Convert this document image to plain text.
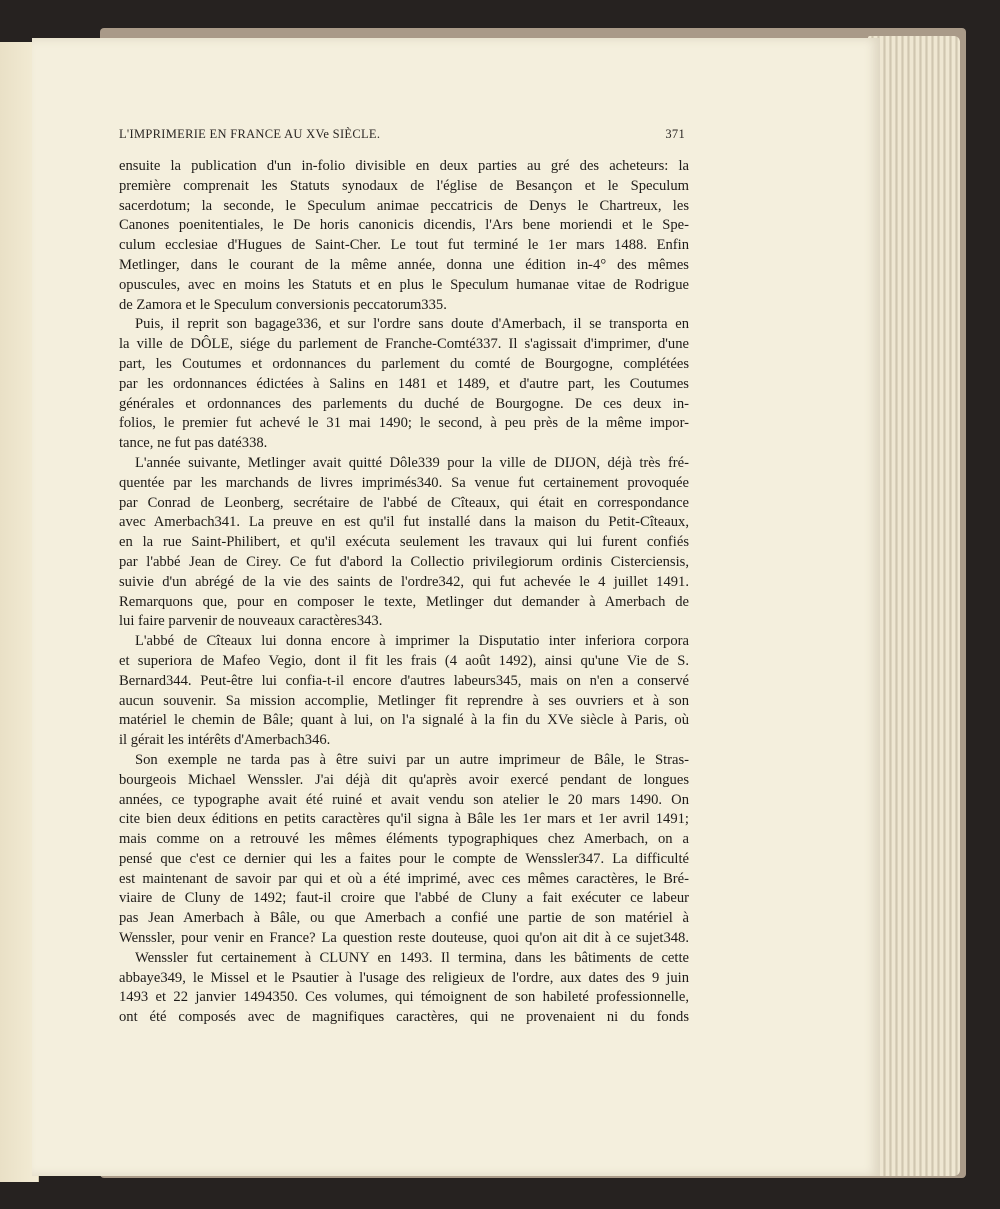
L'IMPRIMERIE EN FRANCE AU XVe SIÈCLE.	371
ensuite la publication d'un in-folio divisible en deux parties au gré des acheteurs: la
première comprenait les Statuts synodaux de l'église de Besançon et le Speculum
sacerdotum; la seconde, le Speculum animae peccatricis de Denys le Chartreux, les
Canones poenitentiales, le De horis canonicis dicendis, l'Ars bene moriendi et le Spe-
culum ecclesiae d'Hugues de Saint-Cher. Le tout fut terminé le 1er mars 1488. Enfin
Metlinger, dans le courant de la même année, donna une édition in-4° des mêmes
opuscules, avec en moins les Statuts et en plus le Speculum humanae vitae de Rodrigue
de Zamora et le Speculum conversionis peccatorum335.
Puis, il reprit son bagage336, et sur l'ordre sans doute d'Amerbach, il se transporta en
la ville de DÔLE, siége du parlement de Franche-Comté337. Il s'agissait d'imprimer, d'une
part, les Coutumes et ordonnances du parlement du comté de Bourgogne, complétées
par les ordonnances édictées à Salins en 1481 et 1489, et d'autre part, les Coutumes
générales et ordonnances des parlements du duché de Bourgogne. De ces deux in-
folios, le premier fut achevé le 31 mai 1490; le second, à peu près de la même impor-
tance, ne fut pas daté338.
L'année suivante, Metlinger avait quitté Dôle339 pour la ville de DIJON, déjà très fré-
quentée par les marchands de livres imprimés340. Sa venue fut certainement provoquée
par Conrad de Leonberg, secrétaire de l'abbé de Cîteaux, qui était en correspondance
avec Amerbach341. La preuve en est qu'il fut installé dans la maison du Petit-Cîteaux,
en la rue Saint-Philibert, et qu'il exécuta seulement les travaux qui lui furent confiés
par l'abbé Jean de Cirey. Ce fut d'abord la Collectio privilegiorum ordinis Cisterciensis,
suivie d'un abrégé de la vie des saints de l'ordre342, qui fut achevée le 4 juillet 1491.
Remarquons que, pour en composer le texte, Metlinger dut demander à Amerbach de
lui faire parvenir de nouveaux caractères343.
L'abbé de Cîteaux lui donna encore à imprimer la Disputatio inter inferiora corpora
et superiora de Mafeo Vegio, dont il fit les frais (4 août 1492), ainsi qu'une Vie de S.
Bernard344. Peut-être lui confia-t-il encore d'autres labeurs345, mais on n'en a conservé
aucun souvenir. Sa mission accomplie, Metlinger fit reprendre à ses ouvriers et à son
matériel le chemin de Bâle; quant à lui, on l'a signalé à la fin du XVe siècle à Paris, où
il gérait les intérêts d'Amerbach346.
Son exemple ne tarda pas à être suivi par un autre imprimeur de Bâle, le Stras-
bourgeois Michael Wenssler. J'ai déjà dit qu'après avoir exercé pendant de longues
années, ce typographe avait été ruiné et avait vendu son atelier le 20 mars 1490. On
cite bien deux éditions en petits caractères qu'il signa à Bâle les 1er mars et 1er avril 1491;
mais comme on a retrouvé les mêmes éléments typographiques chez Amerbach, on a
pensé que c'est ce dernier qui les a faites pour le compte de Wenssler347. La difficulté
est maintenant de savoir par qui et où a été imprimé, avec ces mêmes caractères, le Bré-
viaire de Cluny de 1492; faut-il croire que l'abbé de Cluny a fait exécuter ce labeur
pas Jean Amerbach à Bâle, ou que Amerbach a confié une partie de son matériel à
Wenssler, pour venir en France? La question reste douteuse, quoi qu'on ait dit à ce sujet348.
Wenssler fut certainement à CLUNY en 1493. Il termina, dans les bâtiments de cette
abbaye349, le Missel et le Psautier à l'usage des religieux de l'ordre, aux dates des 9 juin
1493 et 22 janvier 1494350. Ces volumes, qui témoignent de son habileté professionnelle,
ont été composés avec de magnifiques caractères, qui ne provenaient ni du fonds
